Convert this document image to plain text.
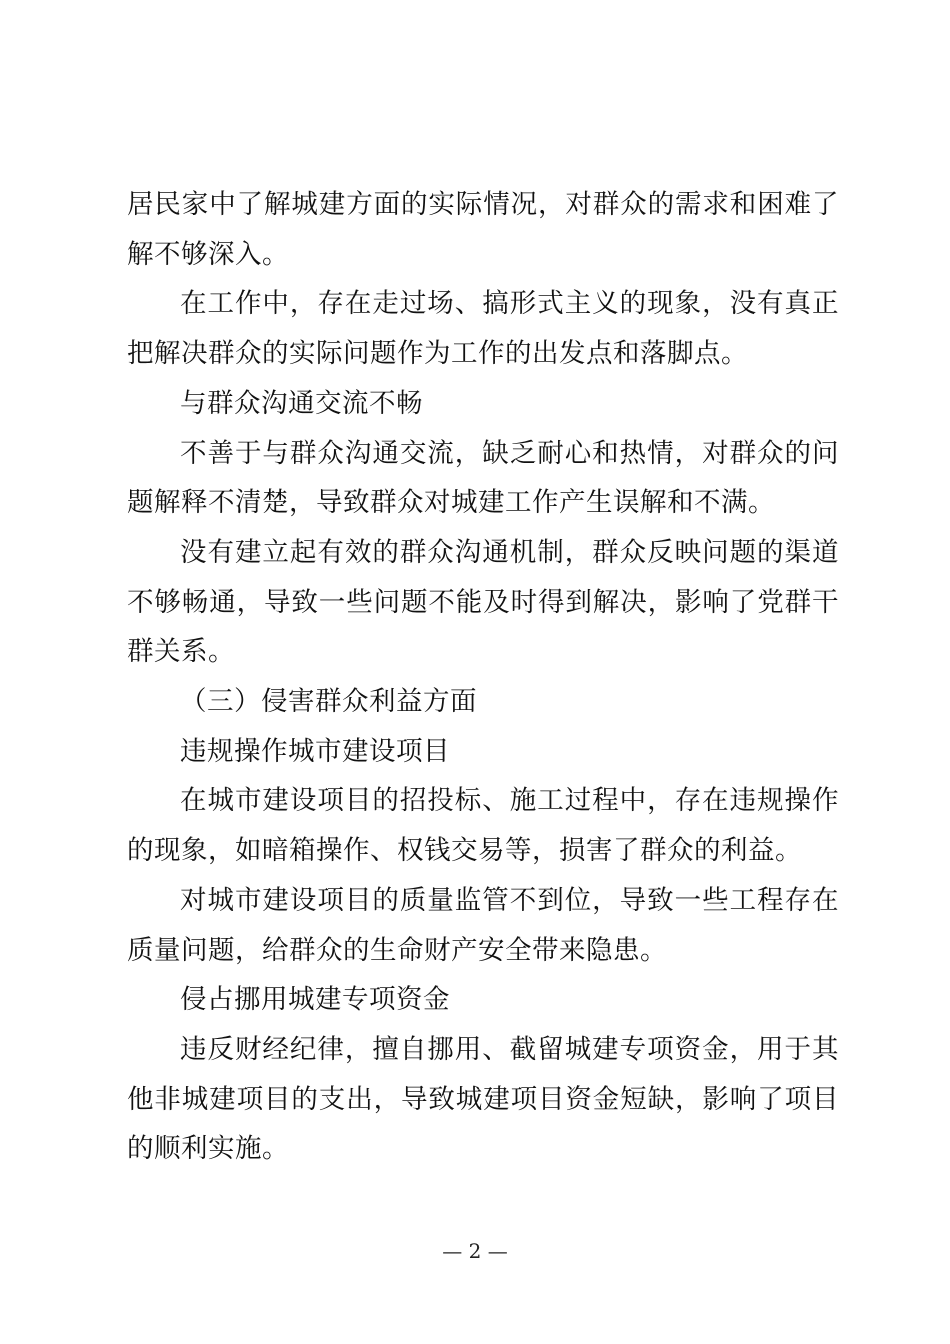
居民家中了解城建方面的实际情况，对群众的需求和困难了解不够深入。

在工作中，存在走过场、搞形式主义的现象，没有真正把解决群众的实际问题作为工作的出发点和落脚点。

与群众沟通交流不畅

不善于与群众沟通交流，缺乏耐心和热情，对群众的问题解释不清楚，导致群众对城建工作产生误解和不满。

没有建立起有效的群众沟通机制，群众反映问题的渠道不够畅通，导致一些问题不能及时得到解决，影响了党群干群关系。

（三）侵害群众利益方面

违规操作城市建设项目

在城市建设项目的招投标、施工过程中，存在违规操作的现象，如暗箱操作、权钱交易等，损害了群众的利益。

对城市建设项目的质量监管不到位，导致一些工程存在质量问题，给群众的生命财产安全带来隐患。

侵占挪用城建专项资金

违反财经纪律，擅自挪用、截留城建专项资金，用于其他非城建项目的支出，导致城建项目资金短缺，影响了项目的顺利实施。

— 2 —
